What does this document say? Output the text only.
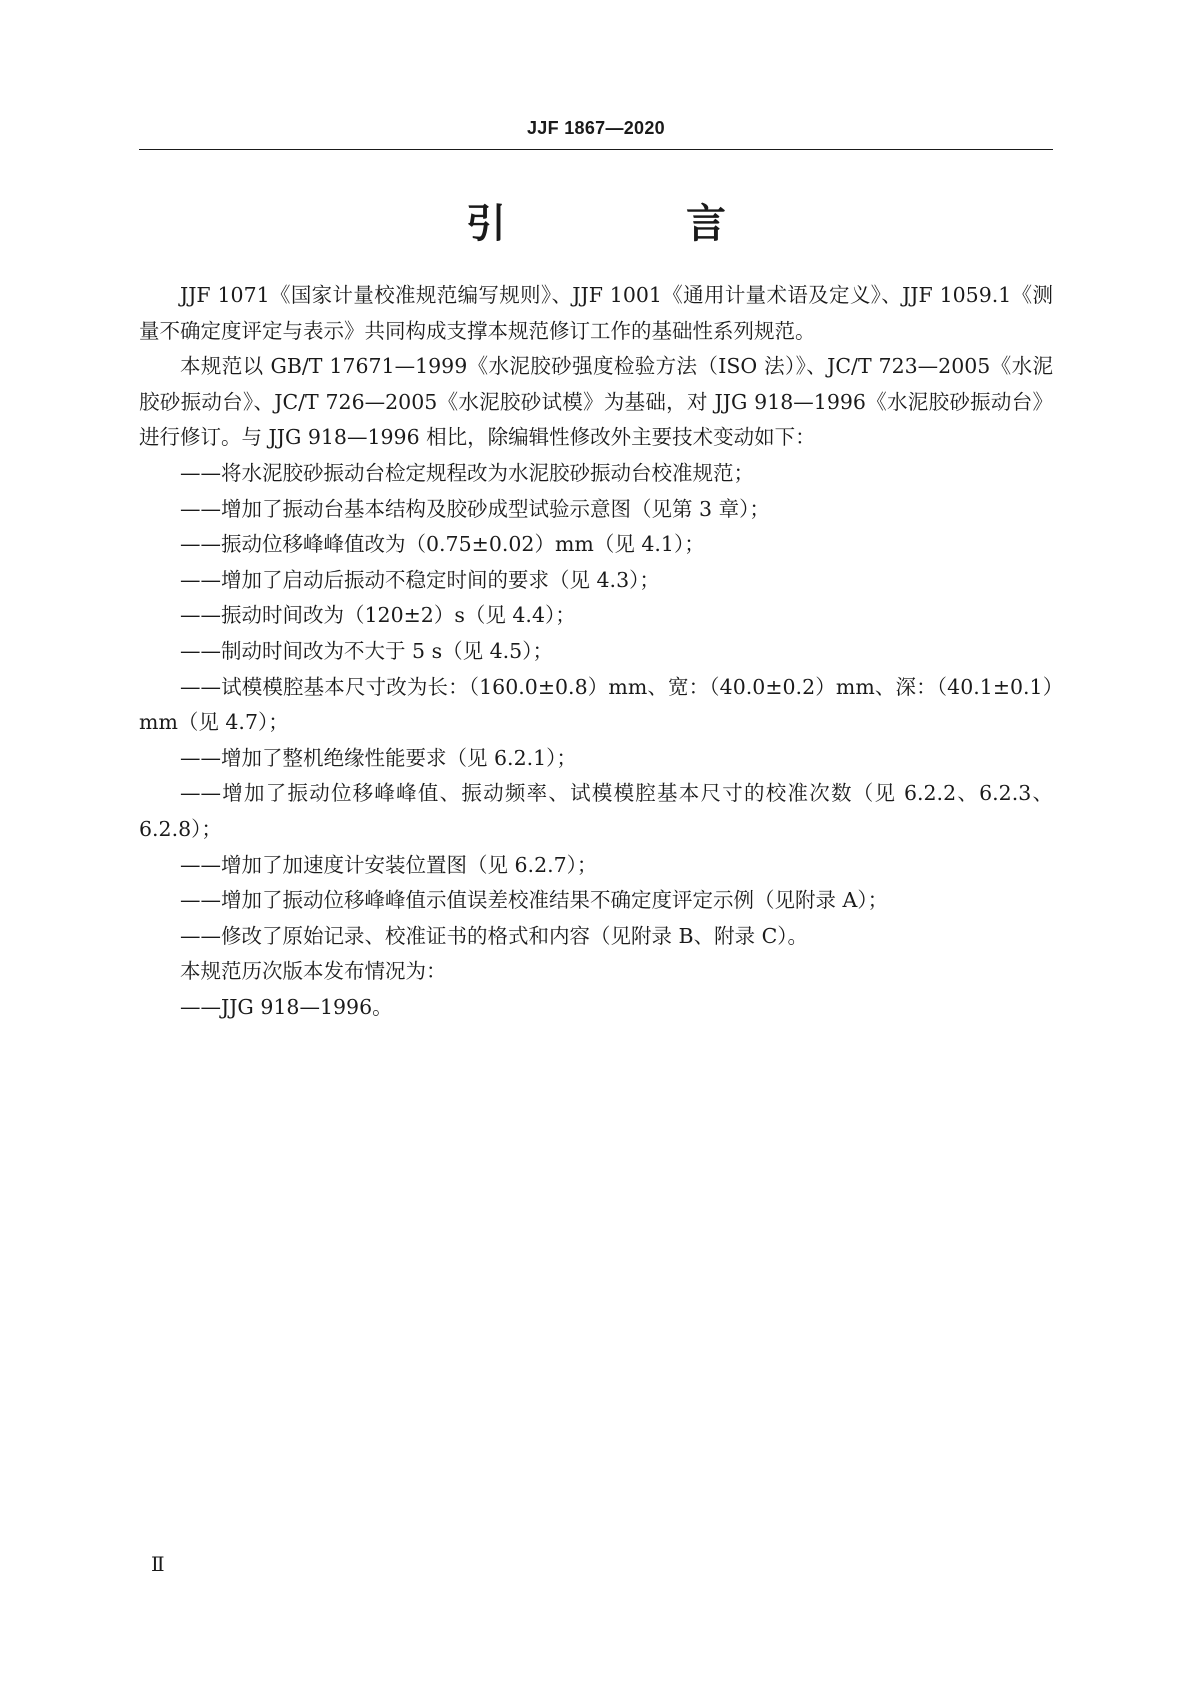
JJF 1867—2020
引　言

JJF 1071《国家计量校准规范编写规则》、JJF 1001《通用计量术语及定义》、JJF 1059.1《测量不确定度评定与表示》共同构成支撑本规范修订工作的基础性系列规范。

本规范以 GB/T 17671—1999《水泥胶砂强度检验方法（ISO 法）》、JC/T 723—2005《水泥胶砂振动台》、JC/T 726—2005《水泥胶砂试模》为基础，对 JJG 918—1996《水泥胶砂振动台》进行修订。与 JJG 918—1996 相比，除编辑性修改外主要技术变动如下：

——将水泥胶砂振动台检定规程改为水泥胶砂振动台校准规范；

——增加了振动台基本结构及胶砂成型试验示意图（见第 3 章）；

——振动位移峰峰值改为（0.75±0.02）mm（见 4.1）；

——增加了启动后振动不稳定时间的要求（见 4.3）；

——振动时间改为（120±2）s（见 4.4）；

——制动时间改为不大于 5 s（见 4.5）；

——试模模腔基本尺寸改为长：（160.0±0.8）mm、宽：（40.0±0.2）mm、深：（40.1±0.1）mm（见 4.7）；

——增加了整机绝缘性能要求（见 6.2.1）；

——增加了振动位移峰峰值、振动频率、试模模腔基本尺寸的校准次数（见 6.2.2、6.2.3、6.2.8）；

——增加了加速度计安装位置图（见 6.2.7）；

——增加了振动位移峰峰值示值误差校准结果不确定度评定示例（见附录 A）；

——修改了原始记录、校准证书的格式和内容（见附录 B、附录 C）。

本规范历次版本发布情况为：

——JJG 918—1996。

Ⅱ
